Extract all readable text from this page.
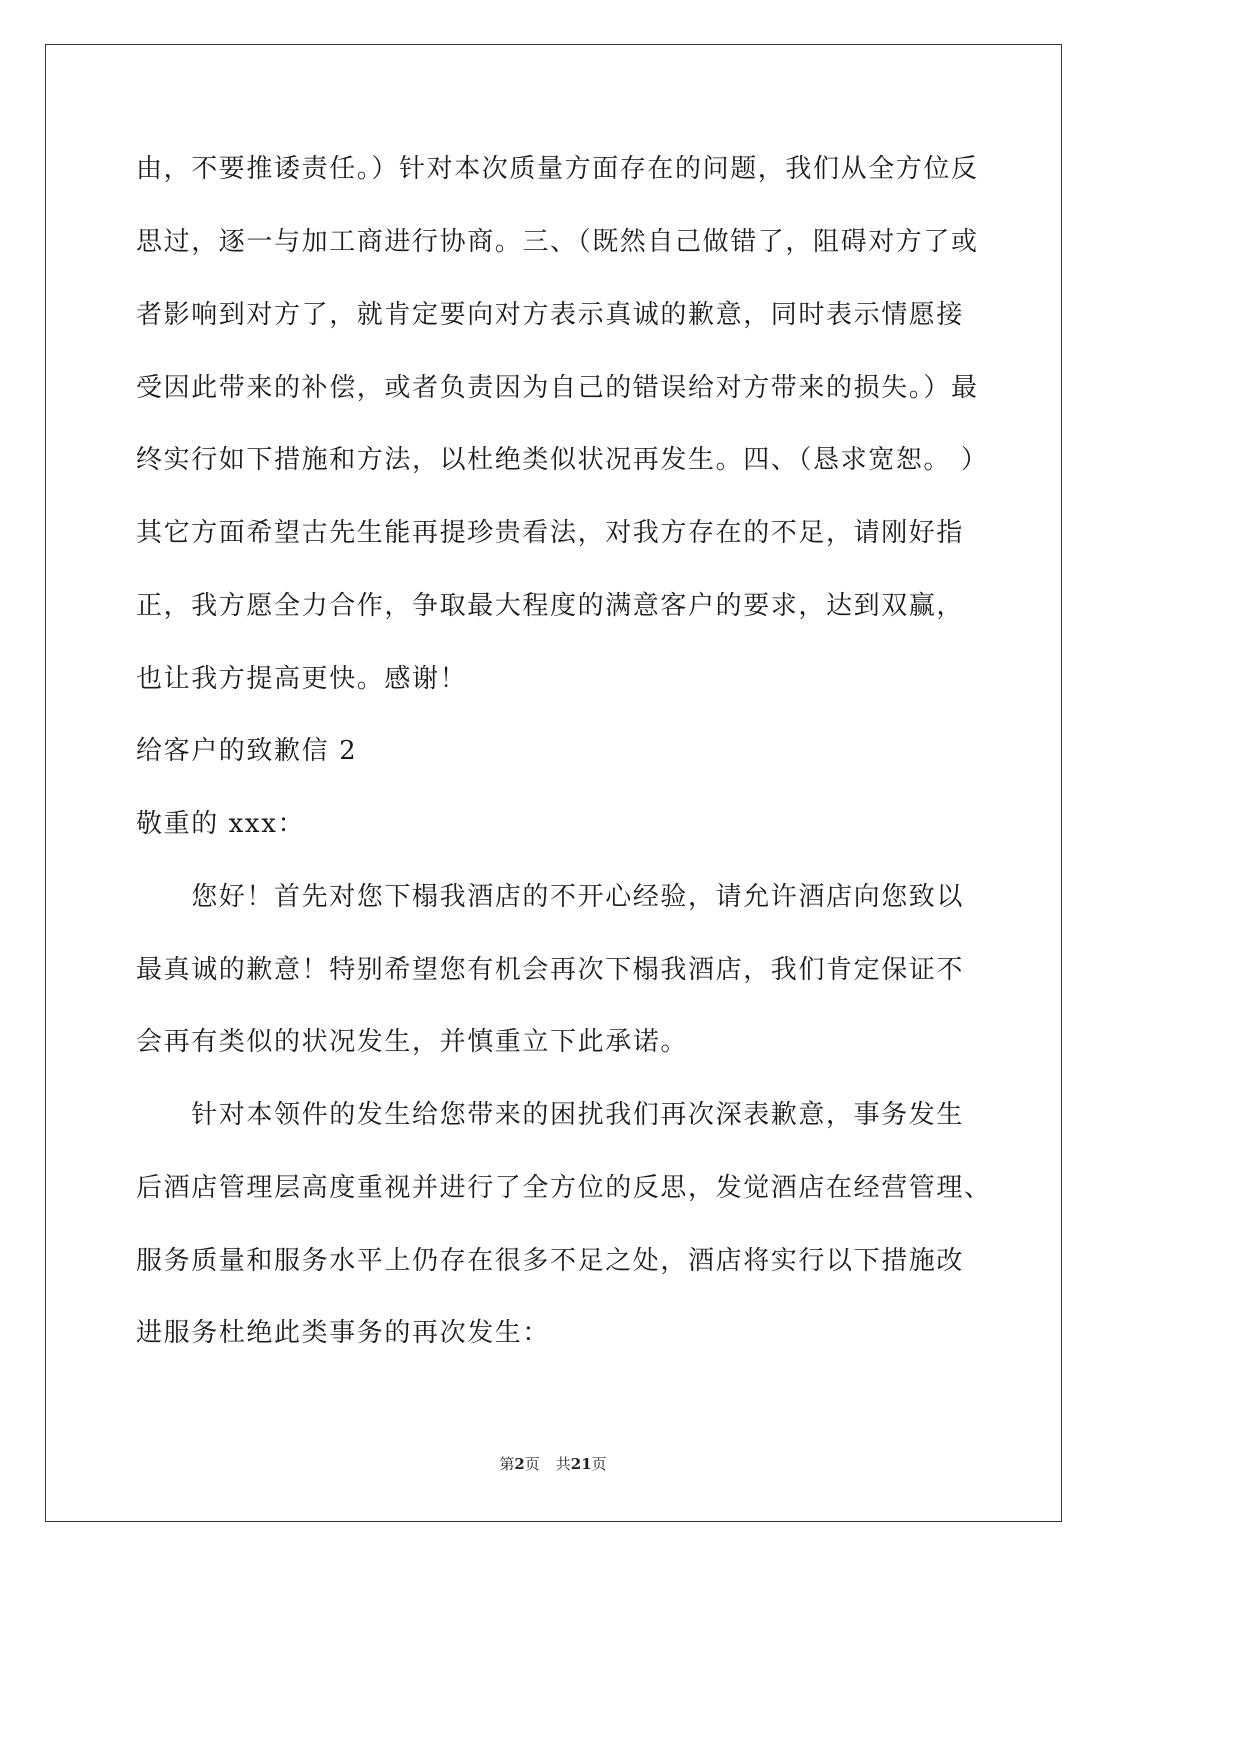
由，不要推诿责任。）针对本次质量方面存在的问题，我们从全方位反
思过，逐一与加工商进行协商。三、（既然自己做错了，阻碍对方了或
者影响到对方了，就肯定要向对方表示真诚的歉意，同时表示情愿接
受因此带来的补偿，或者负责因为自己的错误给对方带来的损失。）最
终实行如下措施和方法，以杜绝类似状况再发生。四、（恳求宽恕。 ）
其它方面希望古先生能再提珍贵看法，对我方存在的不足，请刚好指
正，我方愿全力合作，争取最大程度的满意客户的要求，达到双赢，
也让我方提高更快。感谢！
给客户的致歉信 2
敬重的 xxx：
　　您好！首先对您下榻我酒店的不开心经验，请允许酒店向您致以
最真诚的歉意！特别希望您有机会再次下榻我酒店，我们肯定保证不
会再有类似的状况发生，并慎重立下此承诺。
　　针对本领件的发生给您带来的困扰我们再次深表歉意，事务发生
后酒店管理层高度重视并进行了全方位的反思，发觉酒店在经营管理、
服务质量和服务水平上仍存在很多不足之处，酒店将实行以下措施改
进服务杜绝此类事务的再次发生：
第2页 共21页
